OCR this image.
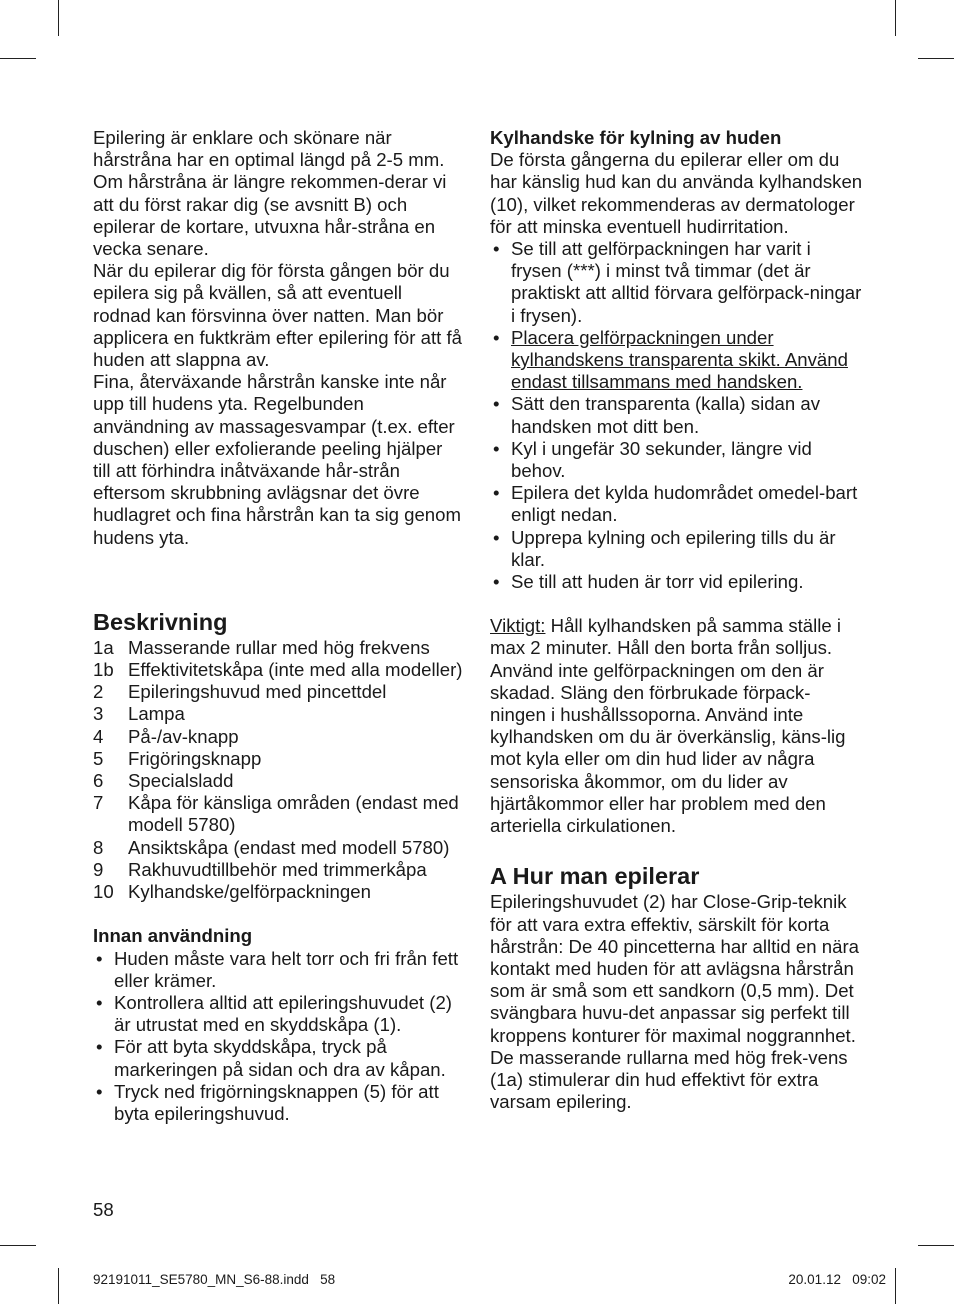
Epilering är enklare och skönare när hårstråna har en optimal längd på 2-5 mm. Om hårstråna är längre rekommen-derar vi att du först rakar dig (se avsnitt B) och epilerar de kortare, utvuxna hår-stråna en vecka senare.

När du epilerar dig för första gången bör du epilera sig på kvällen, så att eventuell rodnad kan försvinna över natten. Man bör applicera en fuktkräm efter epilering för att få huden att slappna av.

Fina, återväxande hårstrån kanske inte når upp till hudens yta. Regelbunden användning av massagesvampar (t.ex. efter duschen) eller exfolierande peeling hjälper till att förhindra inåtväxande hår-strån eftersom skrubbning avlägsnar det övre hudlagret och fina hårstrån kan ta sig genom hudens yta.

Beskrivning
1a Masserande rullar med hög frekvens
1b Effektivitetskåpa (inte med alla modeller)
2	Epileringshuvud med pincettdel
3	Lampa
4	På-/av-knapp
5	Frigöringsknapp
6	Specialsladd
7	Kåpa för känsliga områden (endast med modell 5780)
8	Ansiktskåpa (endast med modell 5780)
9	Rakhuvudtillbehör med trimmerkåpa
10 Kylhandske/gelförpackningen
Innan användning
• Huden måste vara helt torr och fri från fett eller krämer.
• Kontrollera alltid att epileringshuvudet (2) är utrustat med en skyddskåpa (1).
• För att byta skyddskåpa, tryck på markeringen på sidan och dra av kåpan.
• Tryck ned frigörningsknappen (5) för att byta epileringshuvud.
58
Kylhandske för kylning av huden

De första gångerna du epilerar eller om du har känslig hud kan du använda kylhandsken (10), vilket rekommenderas av dermatologer för att minska eventuell hudirritation.

• Se till att gelförpackningen har varit i frysen (***) i minst två timmar (det är praktiskt att alltid förvara gelförpack-ningar i frysen).
• Placera gelförpackningen under kylhandskens transparenta skikt. Använd endast tillsammans med handsken.
• Sätt den transparenta (kalla) sidan av handsken mot ditt ben.
• Kyl i ungefär 30 sekunder, längre vid behov.
• Epilera det kylda hudområdet omedel-bart enligt nedan.
• Upprepa kylning och epilering tills du är klar.
• Se till att huden är torr vid epilering.

Viktigt: Håll kylhandsken på samma ställe i max 2 minuter. Håll den borta från solljus. Använd inte gelförpackningen om den är skadad. Släng den förbrukade förpack-ningen i hushållssoporna. Använd inte kylhandsken om du är överkänslig, käns-lig mot kyla eller om din hud lider av några sensoriska åkommor, om du lider av hjärtåkommor eller har problem med den arteriella cirkulationen.

A Hur man epilerar

Epileringshuvudet (2) har Close-Grip-teknik för att vara extra effektiv, särskilt för korta hårstrån: De 40 pincetterna har alltid en nära kontakt med huden för att avlägsna hårstrån som är små som ett sandkorn (0,5 mm). Det svängbara huvu-det anpassar sig perfekt till kroppens konturer för maximal noggrannhet.

De masserande rullarna med hög frek-vens (1a) stimulerar din hud effektivt för extra varsam epilering.

92191011_SE5780_MN_S6-88.indd   58	20.01.12   09:02
